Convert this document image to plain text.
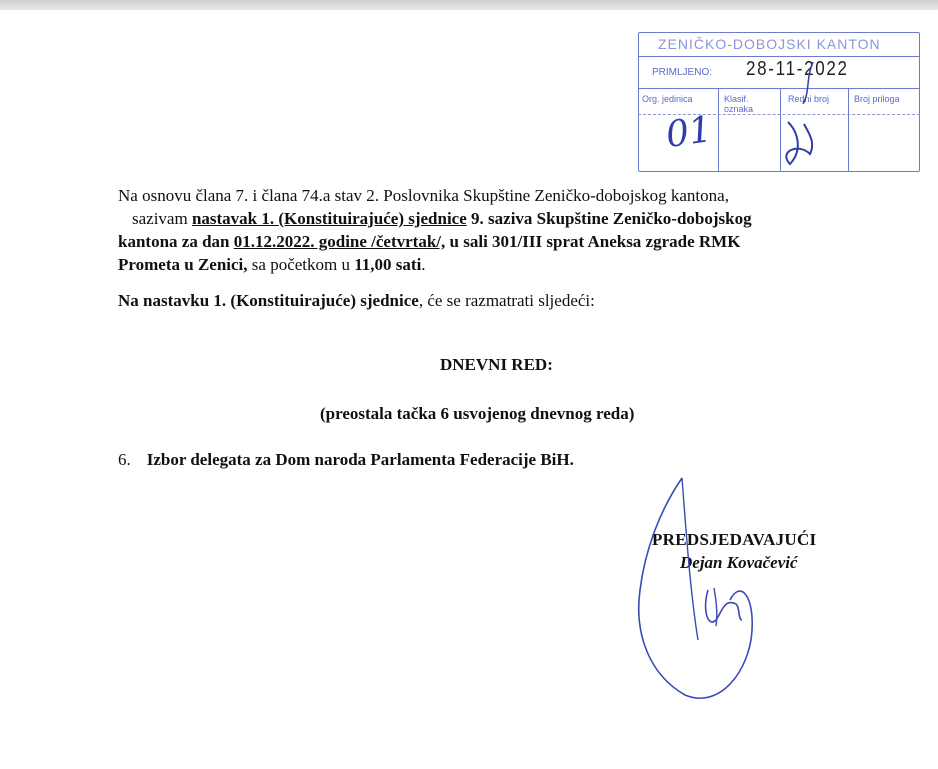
ZENIČKO-DOBOJSKI KANTON
PRIMLJENO: 28-11-2022
Org. jedinica	Klasif. oznaka
Redni broj	Broj priloga
01
Na osnovu člana 7. i člana 74.a stav 2. Poslovnika Skupštine Zeničko-dobojskog kantona,
sazivam nastavak 1. (Konstituirajuće) sjednice 9. saziva Skupštine Zeničko-dobojskog
kantona za dan 01.12.2022. godine /četvrtak/, u sali 301/III sprat Aneksa zgrade RMK
Prometa u Zenici, sa početkom u 11,00 sati.
Na nastavku 1. (Konstituirajuće) sjednice, će se razmatrati sljedeći:
DNEVNI RED:
(preostala tačka 6 usvojenog dnevnog reda)
6. Izbor delegata za Dom naroda Parlamenta Federacije BiH.
PREDSJEDAVAJUĆI
Dejan Kovačević
